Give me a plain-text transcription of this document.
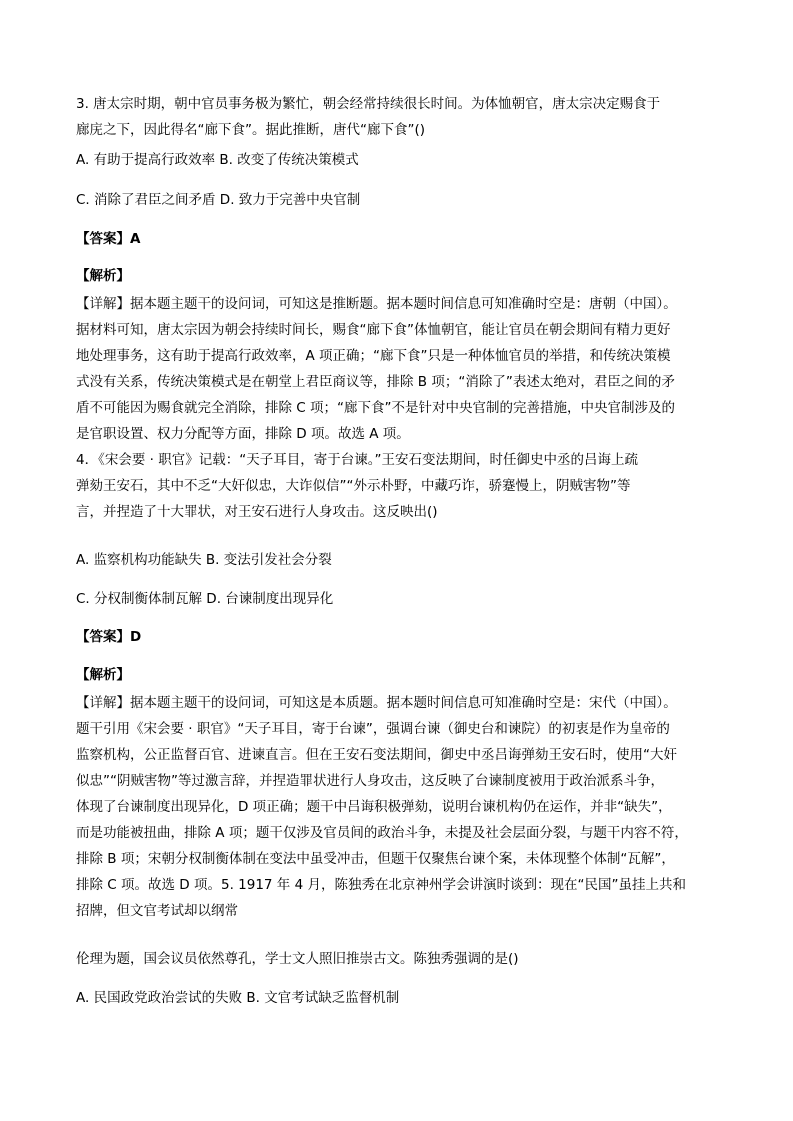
3. 唐太宗时期，朝中官员事务极为繁忙，朝会经常持续很长时间。为体恤朝官，唐太宗决定赐食于
廊庑之下，因此得名“廊下食”。据此推断，唐代“廊下食”()
A. 有助于提高行政效率 B. 改变了传统决策模式
C. 消除了君臣之间矛盾 D. 致力于完善中央官制
【答案】A
【解析】
【详解】据本题主题干的设问词，可知这是推断题。据本题时间信息可知准确时空是：唐朝（中国）。
据材料可知，唐太宗因为朝会持续时间长，赐食“廊下食”体恤朝官，能让官员在朝会期间有精力更好
地处理事务，这有助于提高行政效率，A 项正确；“廊下食”只是一种体恤官员的举措，和传统决策模
式没有关系，传统决策模式是在朝堂上君臣商议等，排除 B 项；“消除了”表述太绝对，君臣之间的矛
盾不可能因为赐食就完全消除，排除 C 项；“廊下食”不是针对中央官制的完善措施，中央官制涉及的
是官职设置、权力分配等方面，排除 D 项。故选 A 项。
4．《宋会要 · 职官》记载：“天子耳目，寄于台谏。”王安石变法期间，时任御史中丞的吕诲上疏
弹劾王安石，其中不乏“大奸似忠，大诈似信”“外示朴野，中藏巧诈，骄蹇慢上，阴贼害物”等
言，并捏造了十大罪状，对王安石进行人身攻击。这反映出()
A. 监察机构功能缺失 B. 变法引发社会分裂
C. 分权制衡体制瓦解 D. 台谏制度出现异化
【答案】D
【解析】
【详解】据本题主题干的设问词，可知这是本质题。据本题时间信息可知准确时空是：宋代（中国）。
题干引用《宋会要 · 职官》“天子耳目，寄于台谏”，强调台谏（御史台和谏院）的初衷是作为皇帝的
监察机构，公正监督百官、进谏直言。但在王安石变法期间，御史中丞吕诲弹劾王安石时，使用“大奸
似忠”“阴贼害物”等过激言辞，并捏造罪状进行人身攻击，这反映了台谏制度被用于政治派系斗争，
体现了台谏制度出现异化，D 项正确；题干中吕诲积极弹劾，说明台谏机构仍在运作，并非“缺失”，
而是功能被扭曲，排除 A 项；题干仅涉及官员间的政治斗争，未提及社会层面分裂，与题干内容不符，
排除 B 项；宋朝分权制衡体制在变法中虽受冲击，但题干仅聚焦台谏个案，未体现整个体制“瓦解”，
排除 C 项。故选 D 项。5. 1917 年 4 月，陈独秀在北京神州学会讲演时谈到：现在“民国”虽挂上共和
招牌，但文官考试却以纲常
伦理为题，国会议员依然尊孔，学士文人照旧推崇古文。陈独秀强调的是()
A. 民国政党政治尝试的失败 B. 文官考试缺乏监督机制
